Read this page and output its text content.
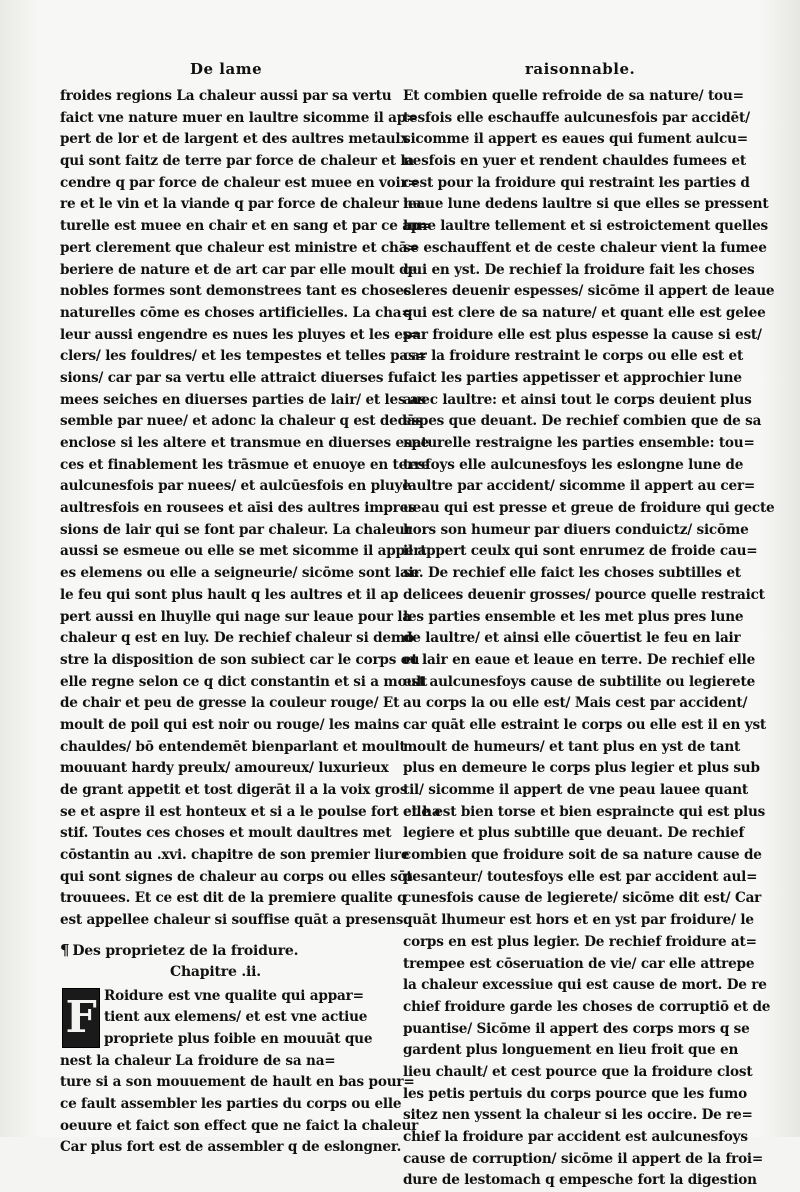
De lame	raisonnable.
froides regions La chaleur aussi par sa vertu
faict vne nature muer en laultre sicomme il ap=
pert de lor et de largent et des aultres metaulx
qui sont faitz de terre par force de chaleur et la
cendre q par force de chaleur est muee en voir=
re et le vin et la viande q par force de chaleur na
turelle est muee en chair et en sang et par ce ap=
pert clerement que chaleur est ministre et chā=
beriere de nature et de art car par elle moult de
nobles formes sont demonstrees tant es choses
naturelles cōme es choses artificielles. La cha=
leur aussi engendre es nues les pluyes et les es=
clers/ les fouldres/ et les tempestes et telles pas=
sions/ car par sa vertu elle attraict diuerses fu
mees seiches en diuerses parties de lair/ et les as
semble par nuee/ et adonc la chaleur q est dedās
enclose si les altere et transmue en diuerses espe
ces et finablement les trāsmue et enuoye en terre
aulcunesfois par nuees/ et aulcūesfois en pluye
aultresfois en rousees et aīsi des aultres impres
sions de lair qui se font par chaleur. La chaleur
aussi se esmeue ou elle se met sicomme il appert
es elemens ou elle a seigneurie/ sicōme sont lair
le feu qui sont plus hault q les aultres et il ap
pert aussi en lhuylle qui nage sur leaue pour la
chaleur q est en luy. De rechief chaleur si demō
stre la disposition de son subiect car le corps ou
elle regne selon ce q dict constantin et si a moult
de chair et peu de gresse la couleur rouge/ Et
moult de poil qui est noir ou rouge/ les mains
chauldes/ bō entendemēt bienparlant et moult
mouuant hardy preulx/ amoureux/ luxurieux
de grant appetit et tost digerāt il a la voix gros
se et aspre il est honteux et si a le poulse fort et ha
stif. Toutes ces choses et moult daultres met
cōstantin au .xvi. chapitre de son premier liure
qui sont signes de chaleur au corps ou elles sōt
trouuees. Et ce est dit de la premiere qualite q
est appellee chaleur si souffise quāt a presens.
¶ Des proprietez de la froidure.
Chapitre .ii.
F Roidure est vne qualite qui appar=
tient aux elemens/ et est vne actiue
propriete plus foible en mouuāt que
nest la chaleur La froidure de sa na=
ture si a son mouuement de hault en bas pour=
ce fault assembler les parties du corps ou elle
oeuure et faict son effect que ne faict la chaleur
Car plus fort est de assembler q de eslongner.
Et combien quelle refroide de sa nature/ tou=
tesfois elle eschauffe aulcunesfois par accidēt/
sicomme il appert es eaues qui fument aulcu=
nesfois en yuer et rendent chauldes fumees et
cest pour la froidure qui restraint les parties d
leaue lune dedens laultre si que elles se pressent
lune laultre tellement et si estroictement quelles
se eschauffent et de ceste chaleur vient la fumee
qui en yst. De rechief la froidure fait les choses
cleres deuenir espesses/ sicōme il appert de leaue
qui est clere de sa nature/ et quant elle est gelee
par froidure elle est plus espesse la cause si est/
car la froidure restraint le corps ou elle est et
faict les parties appetisser et approchier lune
auec laultre: et ainsi tout le corps deuient plus
espes que deuant. De rechief combien que de sa
naturelle restraigne les parties ensemble: tou=
tesfoys elle aulcunesfoys les eslongne lune de
laultre par accident/ sicomme il appert au cer=
ueau qui est presse et greue de froidure qui gecte
hors son humeur par diuers conduictz/ sicōme
il appert ceulx qui sont enrumez de froide cau=
se. De rechief elle faict les choses subtilles et
delicees deuenir grosses/ pource quelle restraict
les parties ensemble et les met plus pres lune
de laultre/ et ainsi elle cōuertist le feu en lair
et lair en eaue et leaue en terre. De rechief elle
est aulcunesfoys cause de subtilite ou legierete
au corps la ou elle est/ Mais cest par accident/
car quāt elle estraint le corps ou elle est il en yst
moult de humeurs/ et tant plus en yst de tant
plus en demeure le corps plus legier et plus sub
til/ sicomme il appert de vne peau lauee quant
elle est bien torse et bien espraincte qui est plus
legiere et plus subtille que deuant. De rechief
combien que froidure soit de sa nature cause de
pesanteur/ toutesfoys elle est par accident aul=
cunesfois cause de legierete/ sicōme dit est/ Car
quāt lhumeur est hors et en yst par froidure/ le
corps en est plus legier. De rechief froidure at=
trempee est cōseruation de vie/ car elle attrepe
la chaleur excessiue qui est cause de mort. De re
chief froidure garde les choses de corruptiō et de
puantise/ Sicōme il appert des corps mors q se
gardent plus longuement en lieu froit que en
lieu chault/ et cest pource que la froidure clost
les petis pertuis du corps pource que les fumo
sitez nen yssent la chaleur si les occire. De re=
chief la froidure par accident est aulcunesfoys
cause de corruption/ sicōme il appert de la froi=
dure de lestomach q empesche fort la digestion
